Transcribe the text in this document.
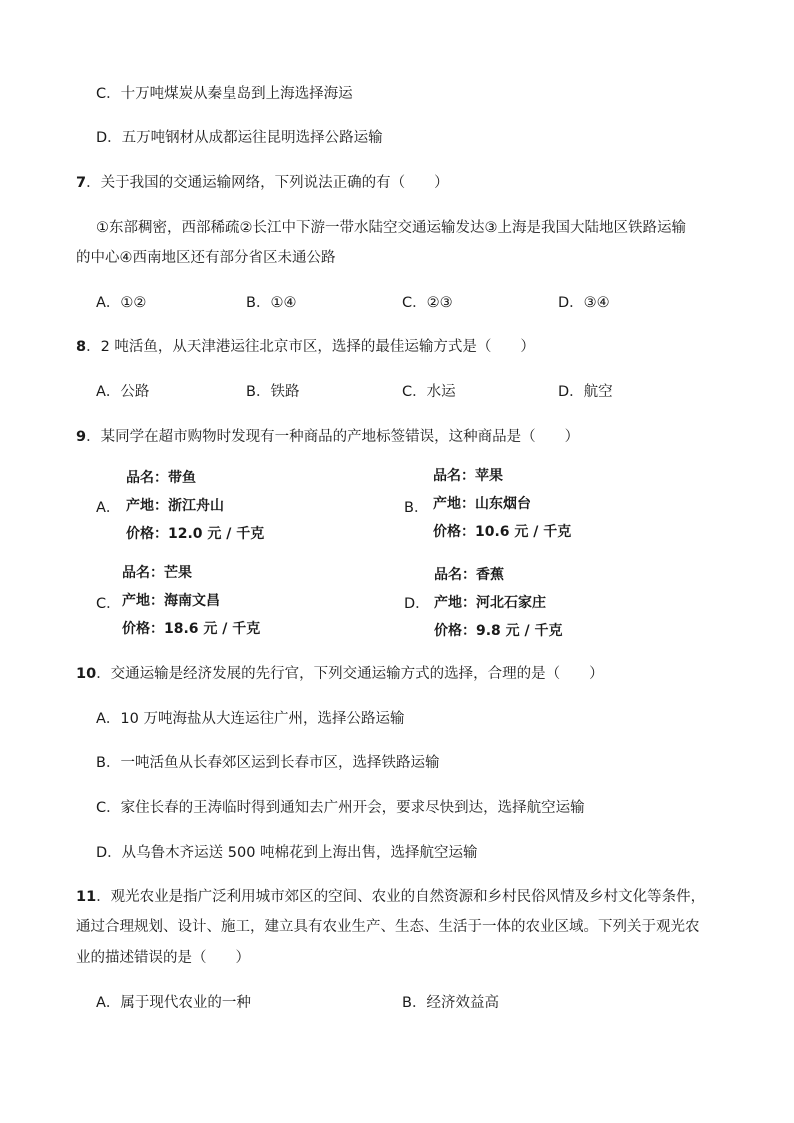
C．十万吨煤炭从秦皇岛到上海选择海运
D．五万吨钢材从成都运往昆明选择公路运输
7．关于我国的交通运输网络，下列说法正确的有（　　）
①东部稠密，西部稀疏②长江中下游一带水陆空交通运输发达③上海是我国大陆地区铁路运输
的中心④西南地区还有部分省区未通公路
A．①②	B．①④	C．②③	D．③④
8．2 吨活鱼，从天津港运往北京市区，选择的最佳运输方式是（　　）
A．公路	B．铁路	C．水运	D．航空
9．某同学在超市购物时发现有一种商品的产地标签错误，这种商品是（　　）
A．
品名：带鱼
产地：浙江舟山
价格：12.0 元 / 千克
B．
品名：苹果
产地：山东烟台
价格：10.6 元 / 千克
C．
品名：芒果
产地：海南文昌
价格：18.6 元 / 千克
D．
品名：香蕉
产地：河北石家庄
价格：9.8 元 / 千克
10．交通运输是经济发展的先行官，下列交通运输方式的选择，合理的是（　　）
A．10 万吨海盐从大连运往广州，选择公路运输
B．一吨活鱼从长春郊区运到长春市区，选择铁路运输
C．家住长春的王涛临时得到通知去广州开会，要求尽快到达，选择航空运输
D．从乌鲁木齐运送 500 吨棉花到上海出售，选择航空运输
11．观光农业是指广泛利用城市郊区的空间、农业的自然资源和乡村民俗风情及乡村文化等条件，
通过合理规划、设计、施工，建立具有农业生产、生态、生活于一体的农业区域。下列关于观光农
业的描述错误的是（　　）
A．属于现代农业的一种	B．经济效益高
